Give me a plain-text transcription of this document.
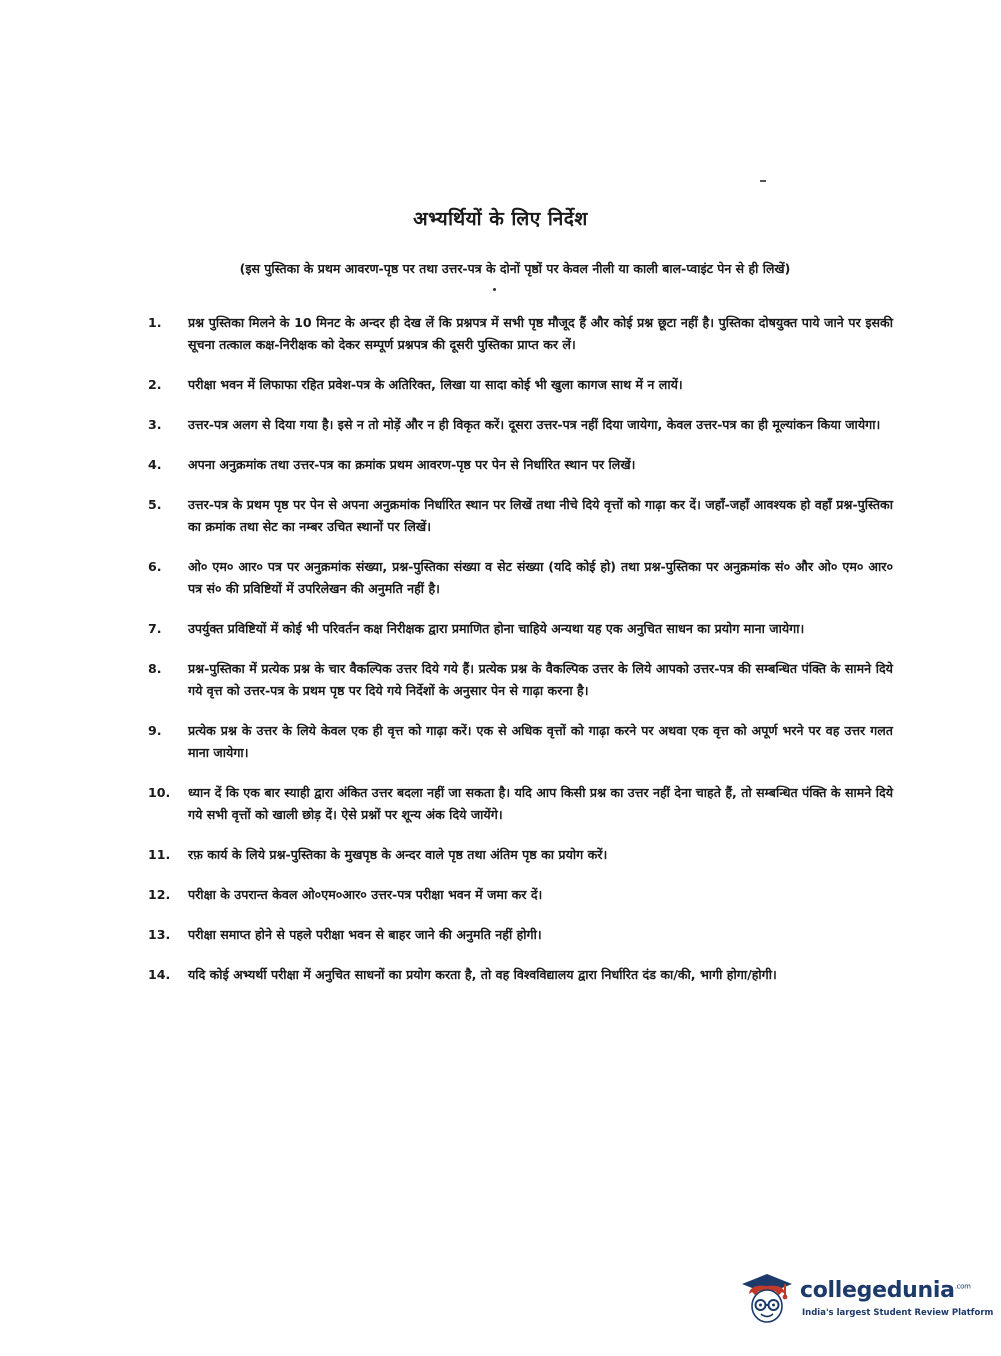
अभ्यर्थियों के लिए निर्देश
(इस पुस्तिका के प्रथम आवरण-पृष्ठ पर तथा उत्तर-पत्र के दोनों पृष्ठों पर केवल नीली या काली बाल-प्वाइंट पेन से ही लिखें)
1.	प्रश्न पुस्तिका मिलने के 10 मिनट के अन्दर ही देख लें कि प्रश्नपत्र में सभी पृष्ठ मौजूद हैं और कोई प्रश्न छूटा नहीं है। पुस्तिका दोषयुक्त पाये जाने पर इसकी सूचना तत्काल कक्ष-निरीक्षक को देकर सम्पूर्ण प्रश्नपत्र की दूसरी पुस्तिका प्राप्त कर लें।
2.	परीक्षा भवन में लिफाफा रहित प्रवेश-पत्र के अतिरिक्त, लिखा या सादा कोई भी खुला कागज साथ में न लायें।
3.	उत्तर-पत्र अलग से दिया गया है। इसे न तो मोड़ें और न ही विकृत करें। दूसरा उत्तर-पत्र नहीं दिया जायेगा, केवल उत्तर-पत्र का ही मूल्यांकन किया जायेगा।
4.	अपना अनुक्रमांक तथा उत्तर-पत्र का क्रमांक प्रथम आवरण-पृष्ठ पर पेन से निर्धारित स्थान पर लिखें।
5.	उत्तर-पत्र के प्रथम पृष्ठ पर पेन से अपना अनुक्रमांक निर्धारित स्थान पर लिखें तथा नीचे दिये वृत्तों को गाढ़ा कर दें। जहाँ-जहाँ आवश्यक हो वहाँ प्रश्न-पुस्तिका का क्रमांक तथा सेट का नम्बर उचित स्थानों पर लिखें।
6.	ओ० एम० आर० पत्र पर अनुक्रमांक संख्या, प्रश्न-पुस्तिका संख्या व सेट संख्या (यदि कोई हो) तथा प्रश्न-पुस्तिका पर अनुक्रमांक सं० और ओ० एम० आर० पत्र सं० की प्रविष्टियों में उपरिलेखन की अनुमति नहीं है।
7.	उपर्युक्त प्रविष्टियों में कोई भी परिवर्तन कक्ष निरीक्षक द्वारा प्रमाणित होना चाहिये अन्यथा यह एक अनुचित साधन का प्रयोग माना जायेगा।
8.	प्रश्न-पुस्तिका में प्रत्येक प्रश्न के चार वैकल्पिक उत्तर दिये गये हैं। प्रत्येक प्रश्न के वैकल्पिक उत्तर के लिये आपको उत्तर-पत्र की सम्बन्धित पंक्ति के सामने दिये गये वृत्त को उत्तर-पत्र के प्रथम पृष्ठ पर दिये गये निर्देशों के अनुसार पेन से गाढ़ा करना है।
9.	प्रत्येक प्रश्न के उत्तर के लिये केवल एक ही वृत्त को गाढ़ा करें। एक से अधिक वृत्तों को गाढ़ा करने पर अथवा एक वृत्त को अपूर्ण भरने पर वह उत्तर गलत माना जायेगा।
10.	ध्यान दें कि एक बार स्याही द्वारा अंकित उत्तर बदला नहीं जा सकता है। यदि आप किसी प्रश्न का उत्तर नहीं देना चाहते हैं, तो सम्बन्धित पंक्ति के सामने दिये गये सभी वृत्तों को खाली छोड़ दें। ऐसे प्रश्नों पर शून्य अंक दिये जायेंगे।
11.	रफ़ कार्य के लिये प्रश्न-पुस्तिका के मुखपृष्ठ के अन्दर वाले पृष्ठ तथा अंतिम पृष्ठ का प्रयोग करें।
12.	परीक्षा के उपरान्त केवल ओ०एम०आर० उत्तर-पत्र परीक्षा भवन में जमा कर दें।
13.	परीक्षा समाप्त होने से पहले परीक्षा भवन से बाहर जाने की अनुमति नहीं होगी।
14.	यदि कोई अभ्यर्थी परीक्षा में अनुचित साधनों का प्रयोग करता है, तो वह विश्वविद्यालय द्वारा निर्धारित दंड का/की, भागी होगा/होगी।
collegedunia$^{.com}$
India's largest Student Review Platform
